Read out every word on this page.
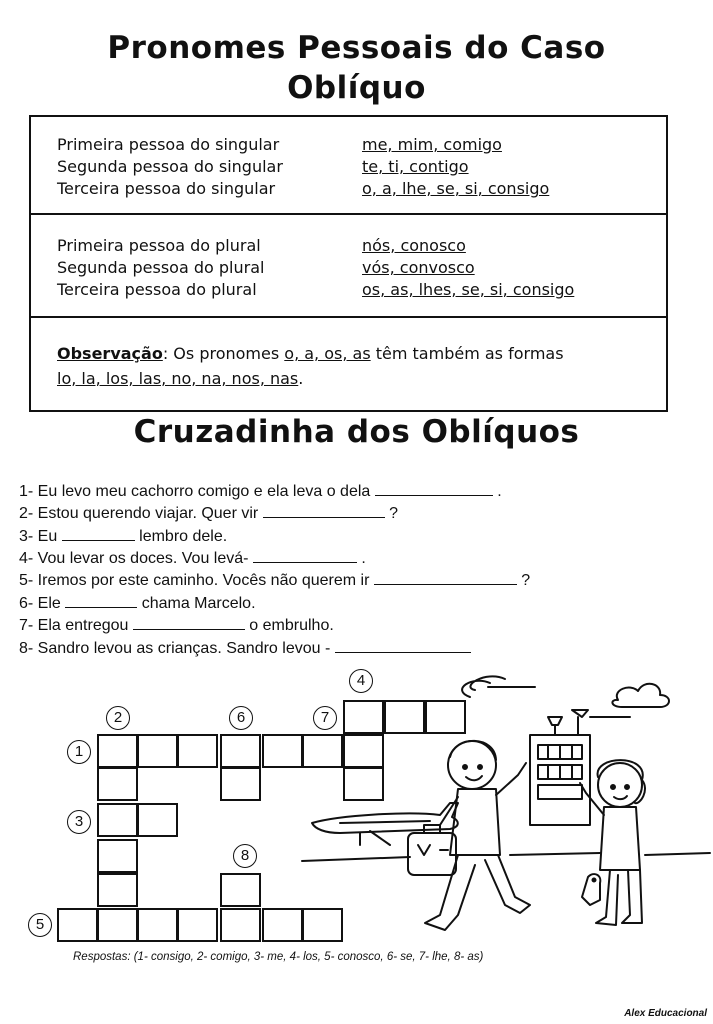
Pronomes Pessoais do Caso
Oblíquo
Primeira pessoa do singular	me, mim, comigo
Segunda pessoa do singular	te, ti, contigo
Terceira pessoa do singular	o, a, lhe, se, si, consigo
Primeira pessoa do plural	nós, conosco
Segunda pessoa do plural	vós, convosco
Terceira pessoa do plural	os, as, lhes, se, si, consigo
Observação: Os pronomes o, a, os, as têm também as formas
lo, la, los, las, no, na, nos, nas.
Cruzadinha dos Oblíquos
1- Eu levo meu cachorro comigo e ela leva o dela	.
2- Estou querendo viajar. Quer vir	?
3- Eu	lembro dele.
4- Vou levar os doces. Vou levá-	.
5- Iremos por este caminho. Vocês não querem ir	?
6- Ele	chama Marcelo.
7- Ela entregou	o embrulho.
8- Sandro levou as crianças. Sandro levou -
1
2
3
4
5
6	7
8
Respostas: (1- consigo, 2- comigo, 3- me, 4- los, 5- conosco, 6- se, 7- lhe, 8- as)
Alex Educacional
